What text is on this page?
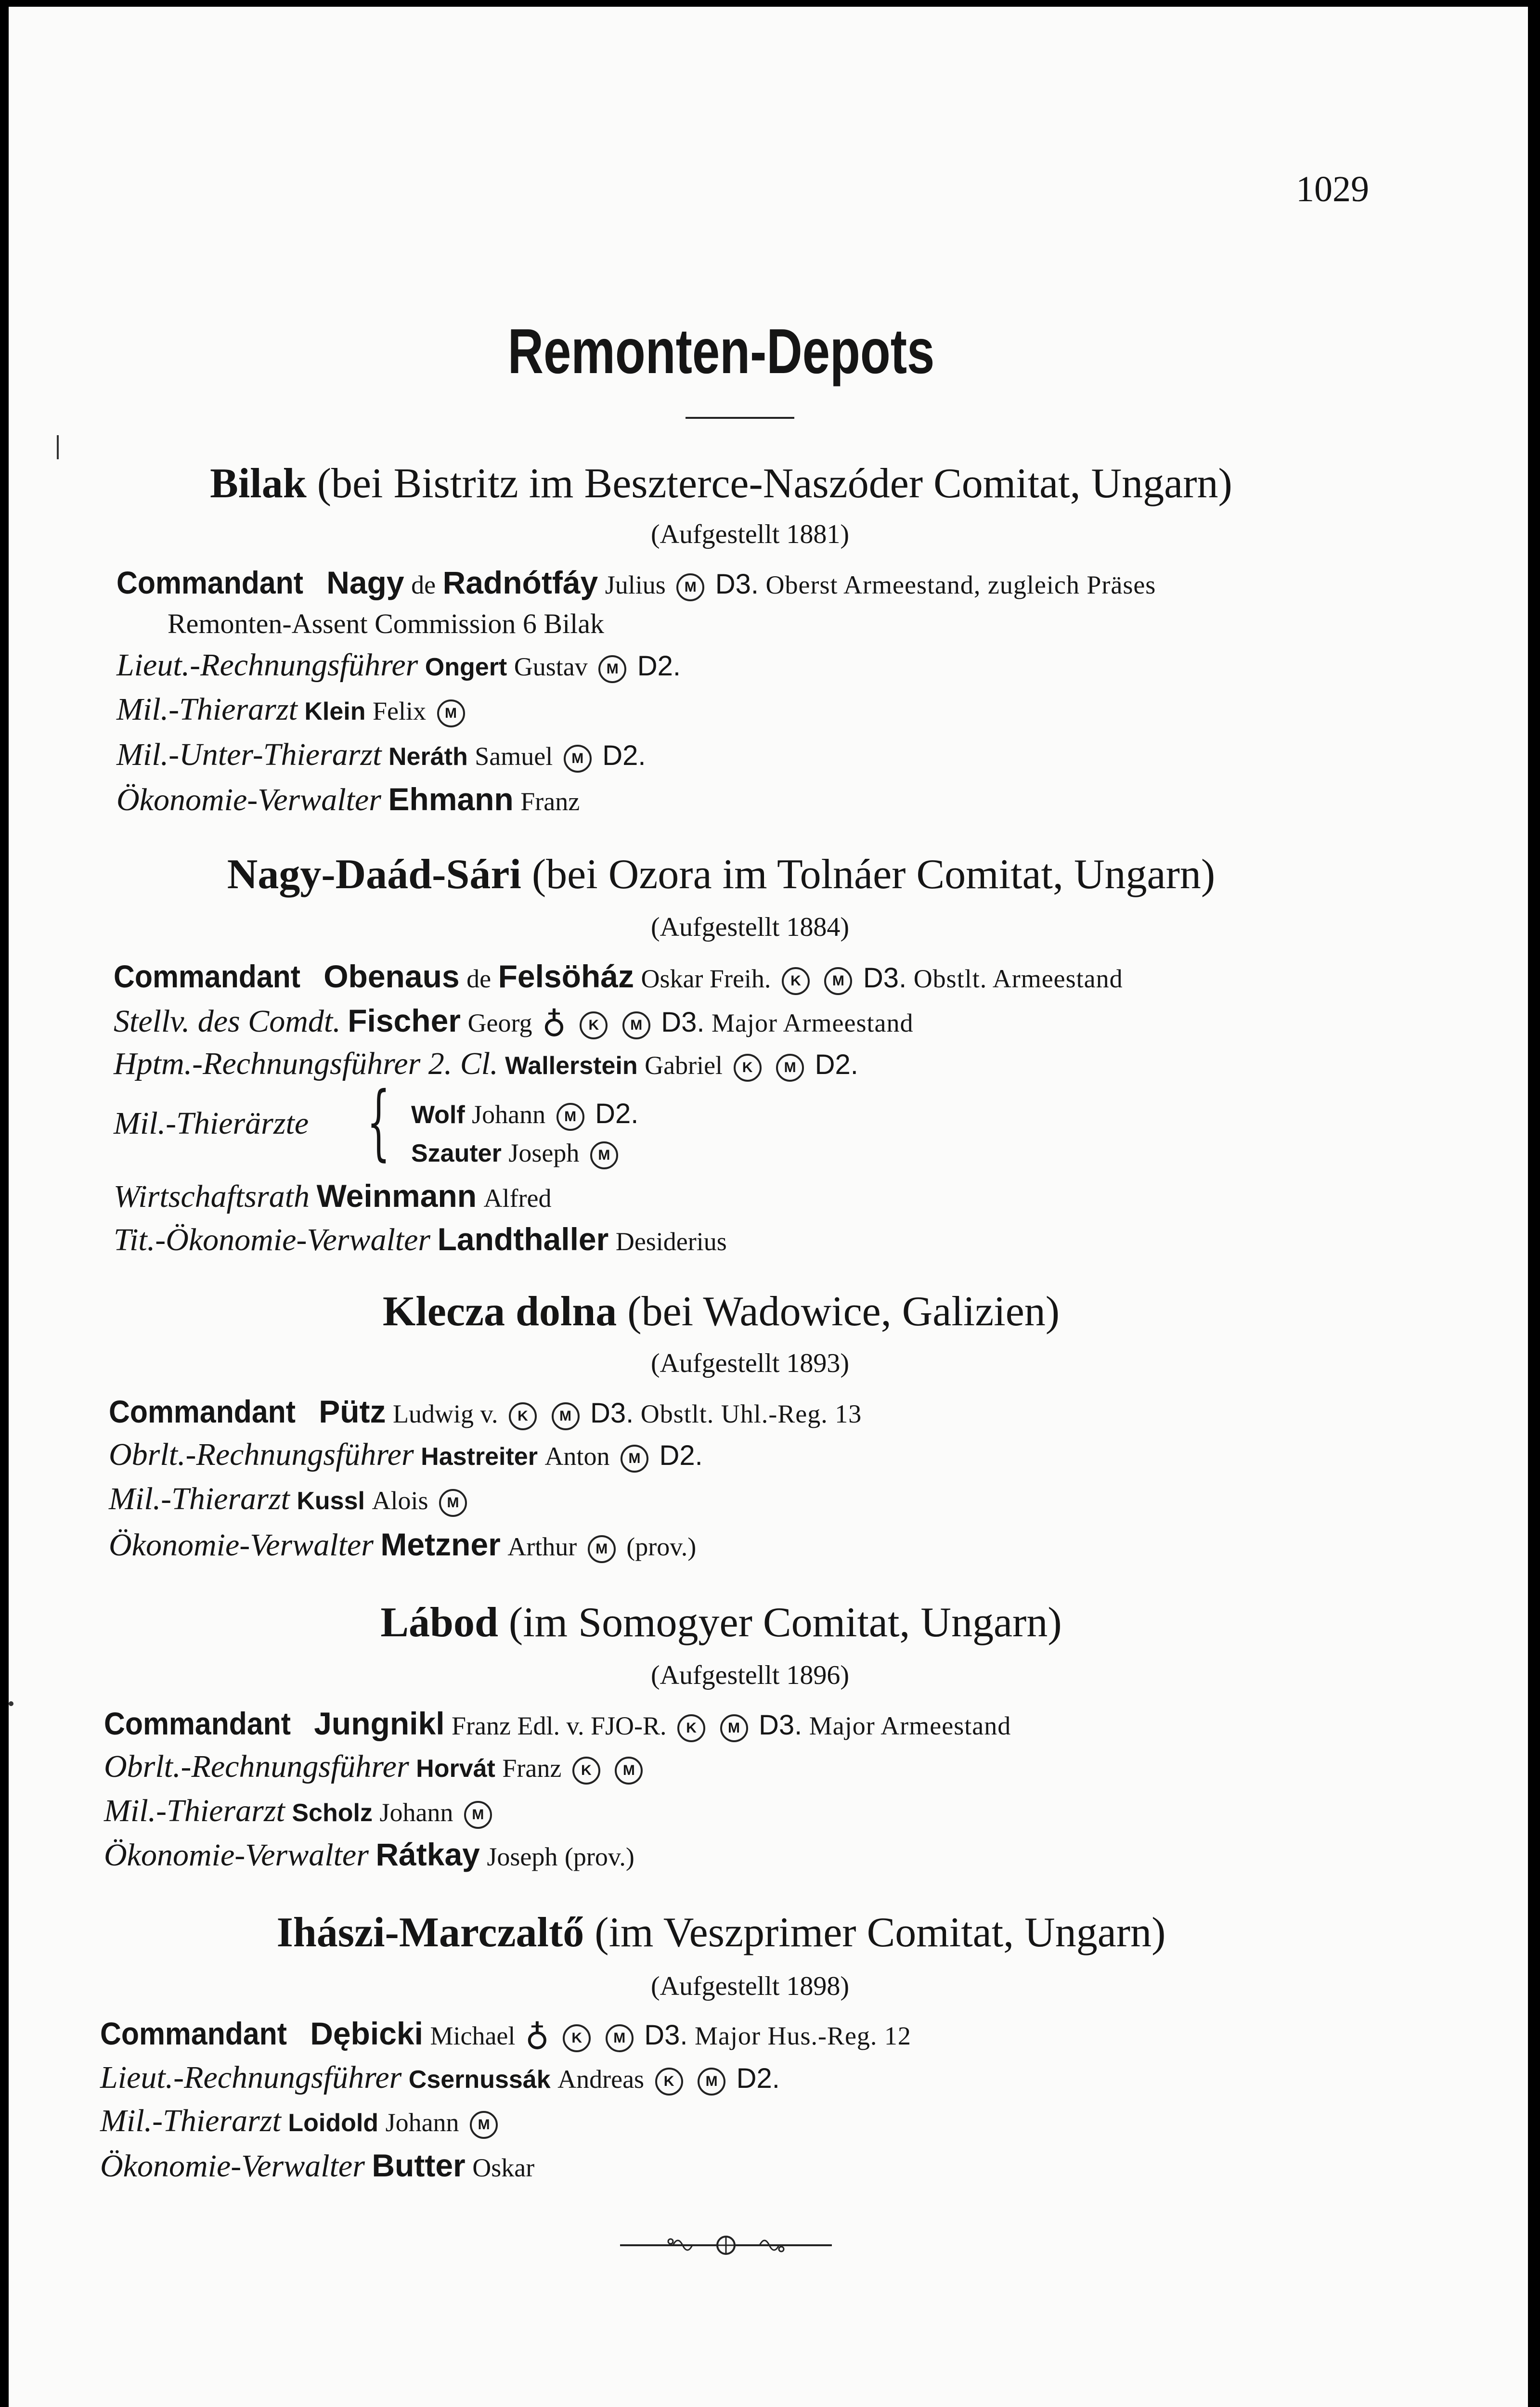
1029
Remonten-Depots
Bilak (bei Bistritz im Beszterce-Naszóder Comitat, Ungarn)
(Aufgestellt 1881)
Commandant Nagy de Radnótfáy Julius M D3. Oberst Armeestand, zugleich Präses
Remonten-Assent Commission 6 Bilak
Lieut.-Rechnungsführer Ongert Gustav M D2.
Mil.-Thierarzt Klein Felix M
Mil.-Unter-Thierarzt Neráth Samuel M D2.
Ökonomie-Verwalter Ehmann Franz
Nagy-Daád-Sári (bei Ozora im Tolnáer Comitat, Ungarn)
(Aufgestellt 1884)
Commandant Obenaus de Felsöház Oskar Freih. K M D3. Obstlt. Armeestand
Stellv. des Comdt. Fischer Georg ♁ K M D3. Major Armeestand
Hptm.-Rechnungsführer 2. Cl. Wallerstein Gabriel K M D2.
Mil.-Thierärzte { Wolf Johann M D2.
Szauter Joseph M
Wirtschaftsrath Weinmann Alfred
Tit.-Ökonomie-Verwalter Landthaller Desiderius
Klecza dolna (bei Wadowice, Galizien)
(Aufgestellt 1893)
Commandant Pütz Ludwig v. K M D3. Obstlt. Uhl.-Reg. 13
Obrlt.-Rechnungsführer Hastreiter Anton M D2.
Mil.-Thierarzt Kussl Alois M
Ökonomie-Verwalter Metzner Arthur M (prov.)
Lábod (im Somogyer Comitat, Ungarn)
(Aufgestellt 1896)
Commandant Jungnikl Franz Edl. v. FJO-R. K M D3. Major Armeestand
Obrlt.-Rechnungsführer Horvát Franz K M
Mil.-Thierarzt Scholz Johann M
Ökonomie-Verwalter Rátkay Joseph (prov.)
Ihászi-Marczaltő (im Veszprimer Comitat, Ungarn)
(Aufgestellt 1898)
Commandant Dębicki Michael ♁ K M D3. Major Hus.-Reg. 12
Lieut.-Rechnungsführer Csernussák Andreas K M D2.
Mil.-Thierarzt Loidold Johann M
Ökonomie-Verwalter Butter Oskar
